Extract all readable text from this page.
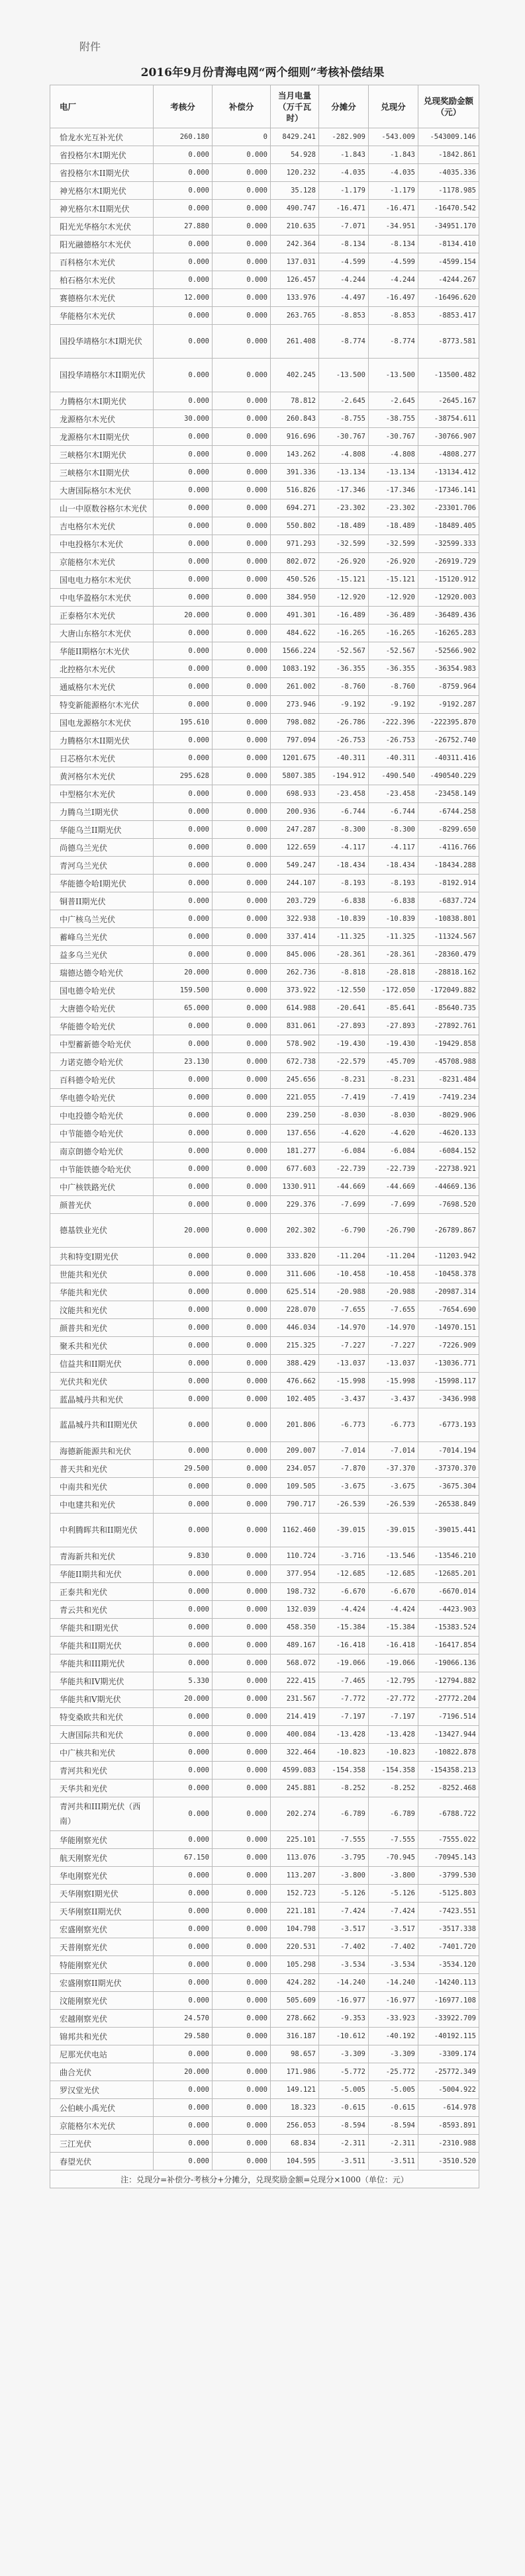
附件
2016年9月份青海电网“两个细则”考核补偿结果
电厂	考核分	补偿分	当月电量（万千瓦时）	分摊分	兑现分	兑现奖励金额（元）
恰龙水光互补光伏	260.180	0	8429.241	-282.909	-543.009	-543009.146
省投格尔木I期光伏	0.000	0.000	54.928	-1.843	-1.843	-1842.861
省投格尔木II期光伏	0.000	0.000	120.232	-4.035	-4.035	-4035.336
神光格尔木I期光伏	0.000	0.000	35.128	-1.179	-1.179	-1178.985
神光格尔木II期光伏	0.000	0.000	490.747	-16.471	-16.471	-16470.542
阳光光华格尔木光伏	27.880	0.000	210.635	-7.071	-34.951	-34951.170
阳光融德格尔木光伏	0.000	0.000	242.364	-8.134	-8.134	-8134.410
百科格尔木光伏	0.000	0.000	137.031	-4.599	-4.599	-4599.154
柏石格尔木光伏	0.000	0.000	126.457	-4.244	-4.244	-4244.267
赛德格尔木光伏	12.000	0.000	133.976	-4.497	-16.497	-16496.620
华能格尔木光伏	0.000	0.000	263.765	-8.853	-8.853	-8853.417
国投华靖格尔木I期光伏	0.000	0.000	261.408	-8.774	-8.774	-8773.581
国投华靖格尔木II期光伏	0.000	0.000	402.245	-13.500	-13.500	-13500.482
力腾格尔木I期光伏	0.000	0.000	78.812	-2.645	-2.645	-2645.167
龙源格尔木光伏	30.000	0.000	260.843	-8.755	-38.755	-38754.611
龙源格尔木II期光伏	0.000	0.000	916.696	-30.767	-30.767	-30766.907
三峡格尔木I期光伏	0.000	0.000	143.262	-4.808	-4.808	-4808.277
三峡格尔木II期光伏	0.000	0.000	391.336	-13.134	-13.134	-13134.412
大唐国际格尔木光伏	0.000	0.000	516.826	-17.346	-17.346	-17346.141
山一中原数谷格尔木光伏	0.000	0.000	694.271	-23.302	-23.302	-23301.706
吉电格尔木光伏	0.000	0.000	550.802	-18.489	-18.489	-18489.405
中电投格尔木光伏	0.000	0.000	971.293	-32.599	-32.599	-32599.333
京能格尔木光伏	0.000	0.000	802.072	-26.920	-26.920	-26919.729
国电电力格尔木光伏	0.000	0.000	450.526	-15.121	-15.121	-15120.912
中电华盈格尔木光伏	0.000	0.000	384.950	-12.920	-12.920	-12920.003
正泰格尔木光伏	20.000	0.000	491.301	-16.489	-36.489	-36489.436
大唐山东格尔木光伏	0.000	0.000	484.622	-16.265	-16.265	-16265.283
华能II期格尔木光伏	0.000	0.000	1566.224	-52.567	-52.567	-52566.902
北控格尔木光伏	0.000	0.000	1083.192	-36.355	-36.355	-36354.983
通威格尔木光伏	0.000	0.000	261.002	-8.760	-8.760	-8759.964
特变新能源格尔木光伏	0.000	0.000	273.946	-9.192	-9.192	-9192.287
国电龙源格尔木光伏	195.610	0.000	798.082	-26.786	-222.396	-222395.870
力腾格尔木II期光伏	0.000	0.000	797.094	-26.753	-26.753	-26752.740
日芯格尔木光伏	0.000	0.000	1201.675	-40.311	-40.311	-40311.416
黄河格尔木光伏	295.628	0.000	5807.385	-194.912	-490.540	-490540.229
中型格尔木光伏	0.000	0.000	698.933	-23.458	-23.458	-23458.149
力腾乌兰I期光伏	0.000	0.000	200.936	-6.744	-6.744	-6744.258
华能乌兰II期光伏	0.000	0.000	247.287	-8.300	-8.300	-8299.650
尚德乌兰光伏	0.000	0.000	122.659	-4.117	-4.117	-4116.766
青河乌兰光伏	0.000	0.000	549.247	-18.434	-18.434	-18434.288
华能德令哈I期光伏	0.000	0.000	244.107	-8.193	-8.193	-8192.914
铜普II期光伏	0.000	0.000	203.729	-6.838	-6.838	-6837.724
中广核乌兰光伏	0.000	0.000	322.938	-10.839	-10.839	-10838.801
蓄峰乌兰光伏	0.000	0.000	337.414	-11.325	-11.325	-11324.567
益多乌兰光伏	0.000	0.000	845.006	-28.361	-28.361	-28360.479
瑞德达德令哈光伏	20.000	0.000	262.736	-8.818	-28.818	-28818.162
国电德令哈光伏	159.500	0.000	373.922	-12.550	-172.050	-172049.882
大唐德令哈光伏	65.000	0.000	614.988	-20.641	-85.641	-85640.735
华能德令哈光伏	0.000	0.000	831.061	-27.893	-27.893	-27892.761
中型蓄新德令哈光伏	0.000	0.000	578.902	-19.430	-19.430	-19429.858
力诺克德令哈光伏	23.130	0.000	672.738	-22.579	-45.709	-45708.988
百科德令哈光伏	0.000	0.000	245.656	-8.231	-8.231	-8231.484
华电德令哈光伏	0.000	0.000	221.055	-7.419	-7.419	-7419.234
中电投德令哈光伏	0.000	0.000	239.250	-8.030	-8.030	-8029.906
中节能德令哈光伏	0.000	0.000	137.656	-4.620	-4.620	-4620.133
南京朗德令哈光伏	0.000	0.000	181.277	-6.084	-6.084	-6084.152
中节能铁德令哈光伏	0.000	0.000	677.603	-22.739	-22.739	-22738.921
中广核铁路光伏	0.000	0.000	1330.911	-44.669	-44.669	-44669.136
颜普光伏	0.000	0.000	229.376	-7.699	-7.699	-7698.520
德基铁业光伏	20.000	0.000	202.302	-6.790	-26.790	-26789.867
共和特变I期光伏	0.000	0.000	333.820	-11.204	-11.204	-11203.942
世能共和光伏	0.000	0.000	311.606	-10.458	-10.458	-10458.378
华能共和光伏	0.000	0.000	625.514	-20.988	-20.988	-20987.314
汶能共和光伏	0.000	0.000	228.070	-7.655	-7.655	-7654.690
颜普共和光伏	0.000	0.000	446.034	-14.970	-14.970	-14970.151
聚禾共和光伏	0.000	0.000	215.325	-7.227	-7.227	-7226.909
信益共和II期光伏	0.000	0.000	388.429	-13.037	-13.037	-13036.771
光伏共和光伏	0.000	0.000	476.662	-15.998	-15.998	-15998.117
蓝晶城丹共和光伏	0.000	0.000	102.405	-3.437	-3.437	-3436.998
蓝晶城丹共和II期光伏	0.000	0.000	201.806	-6.773	-6.773	-6773.193
海德新能源共和光伏	0.000	0.000	209.007	-7.014	-7.014	-7014.194
普天共和光伏	29.500	0.000	234.057	-7.870	-37.370	-37370.370
中南共和光伏	0.000	0.000	109.505	-3.675	-3.675	-3675.304
中电建共和光伏	0.000	0.000	790.717	-26.539	-26.539	-26538.849
中利腾晖共和II期光伏	0.000	0.000	1162.460	-39.015	-39.015	-39015.441
青海新共和光伏	9.830	0.000	110.724	-3.716	-13.546	-13546.210
华能II期共和光伏	0.000	0.000	377.954	-12.685	-12.685	-12685.201
正泰共和光伏	0.000	0.000	198.732	-6.670	-6.670	-6670.014
青云共和光伏	0.000	0.000	132.039	-4.424	-4.424	-4423.903
华能共和I期光伏	0.000	0.000	458.350	-15.384	-15.384	-15383.524
华能共和II期光伏	0.000	0.000	489.167	-16.418	-16.418	-16417.854
华能共和III期光伏	0.000	0.000	568.072	-19.066	-19.066	-19066.136
华能共和IV期光伏	5.330	0.000	222.415	-7.465	-12.795	-12794.882
华能共和V期光伏	20.000	0.000	231.567	-7.772	-27.772	-27772.204
特变桑欧共和光伏	0.000	0.000	214.419	-7.197	-7.197	-7196.514
大唐国际共和光伏	0.000	0.000	400.084	-13.428	-13.428	-13427.944
中广核共和光伏	0.000	0.000	322.464	-10.823	-10.823	-10822.878
青河共和光伏	0.000	0.000	4599.083	-154.358	-154.358	-154358.213
天华共和光伏	0.000	0.000	245.881	-8.252	-8.252	-8252.468
青河共和III期光伏（西南）	0.000	0.000	202.274	-6.789	-6.789	-6788.722
华能刚察光伏	0.000	0.000	225.101	-7.555	-7.555	-7555.022
航天刚察光伏	67.150	0.000	113.076	-3.795	-70.945	-70945.143
华电刚察光伏	0.000	0.000	113.207	-3.800	-3.800	-3799.530
天华刚察I期光伏	0.000	0.000	152.723	-5.126	-5.126	-5125.803
天华刚察II期光伏	0.000	0.000	221.181	-7.424	-7.424	-7423.551
宏盛刚察光伏	0.000	0.000	104.798	-3.517	-3.517	-3517.338
天普刚察光伏	0.000	0.000	220.531	-7.402	-7.402	-7401.720
特能刚察光伏	0.000	0.000	105.298	-3.534	-3.534	-3534.120
宏盛刚察II期光伏	0.000	0.000	424.282	-14.240	-14.240	-14240.113
汶能刚察光伏	0.000	0.000	505.609	-16.977	-16.977	-16977.108
宏越刚察光伏	24.570	0.000	278.662	-9.353	-33.923	-33922.709
锦邦共和光伏	29.580	0.000	316.187	-10.612	-40.192	-40192.115
尼那光伏电站	0.000	0.000	98.657	-3.309	-3.309	-3309.174
曲合光伏	20.000	0.000	171.986	-5.772	-25.772	-25772.349
罗汉堂光伏	0.000	0.000	149.121	-5.005	-5.005	-5004.922
公伯峡小禹光伏	0.000	0.000	18.323	-0.615	-0.615	-614.978
京能格尔木光伏	0.000	0.000	256.053	-8.594	-8.594	-8593.891
三江光伏	0.000	0.000	68.834	-2.311	-2.311	-2310.988
春望光伏	0.000	0.000	104.595	-3.511	-3.511	-3510.520
注：兑现分=补偿分-考核分+分摊分，兑现奖励金额=兑现分×1000（单位：元）						
